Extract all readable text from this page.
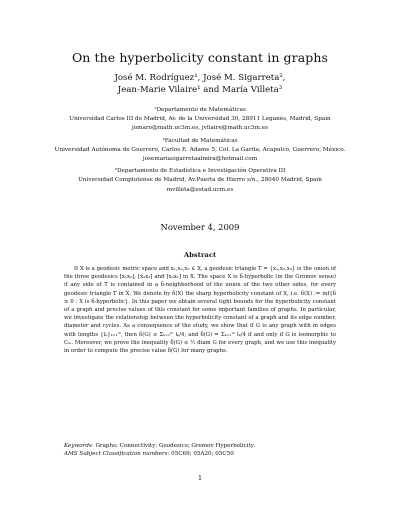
On the hyperbolicity constant in graphs
José M. Rodríguez¹, José M. Sigarreta²,
Jean-Marie Vilaire¹ and María Villeta³
¹Departamento de Matemáticas
Universidad Carlos III de Madrid, Av. de la Universidad 30, 28911 Leganés, Madrid, Spain
jomaro@math.uc3m.es, jvilaire@math.uc3m.es
²Facultad de Matemáticas
Universidad Autónoma de Guerrero, Carlos E. Adame 5, Col. La Garita, Acapulco, Guerrero, México.
josemariasigarretaalmira@hotmail.com
³Departamento de Estadística e Investigación Operativa III
Universidad Complutense de Madrid, Av.Puerta de Hierro s/n., 28040 Madrid, Spain
mvilleta@estad.ucm.es
November 4, 2009
Abstract
If X is a geodesic metric space and x₁,x₂,x₃ ∈ X, a geodesic triangle T = {x₁,x₂,x₃} is the union of the three geodesics [x₁x₂], [x₂x₃] and [x₃x₁] in X. The space X is δ-hyperbolic (in the Gromov sense) if any side of T is contained in a δ-neighborhood of the union of the two other sides, for every geodesic triangle T in X. We denote by δ(X) the sharp hyperbolicity constant of X, i.e. δ(X) := inf{δ ≥ 0 : X is δ-hyperbolic}. In this paper we obtain several tight bounds for the hyperbolicity constant of a graph and precise values of this constant for some important families of graphs. In particular, we investigate the relationship between the hyperbolicity constant of a graph and its edge number, diameter and cycles. As a consequence of the study, we show that if G is any graph with m edges with lengths {lₖ}ₖ₌₁ᵐ, then δ(G) ≤ Σₖ₌₁ᵐ lₖ/4, and δ(G) = Σₖ₌₁ᵐ lₖ/4 if and only if G is isomorphic to Cₘ. Moreover, we prove the inequality δ(G) ≤ ½ diam G for every graph, and we use this inequality in order to compute the precise value δ(G) for many graphs.
Keywords: Graphs; Connectivity; Geodesics; Gromov Hyperbolicity.
AMS Subject Classification numbers: 05C69; 05A20; 05C50
1
